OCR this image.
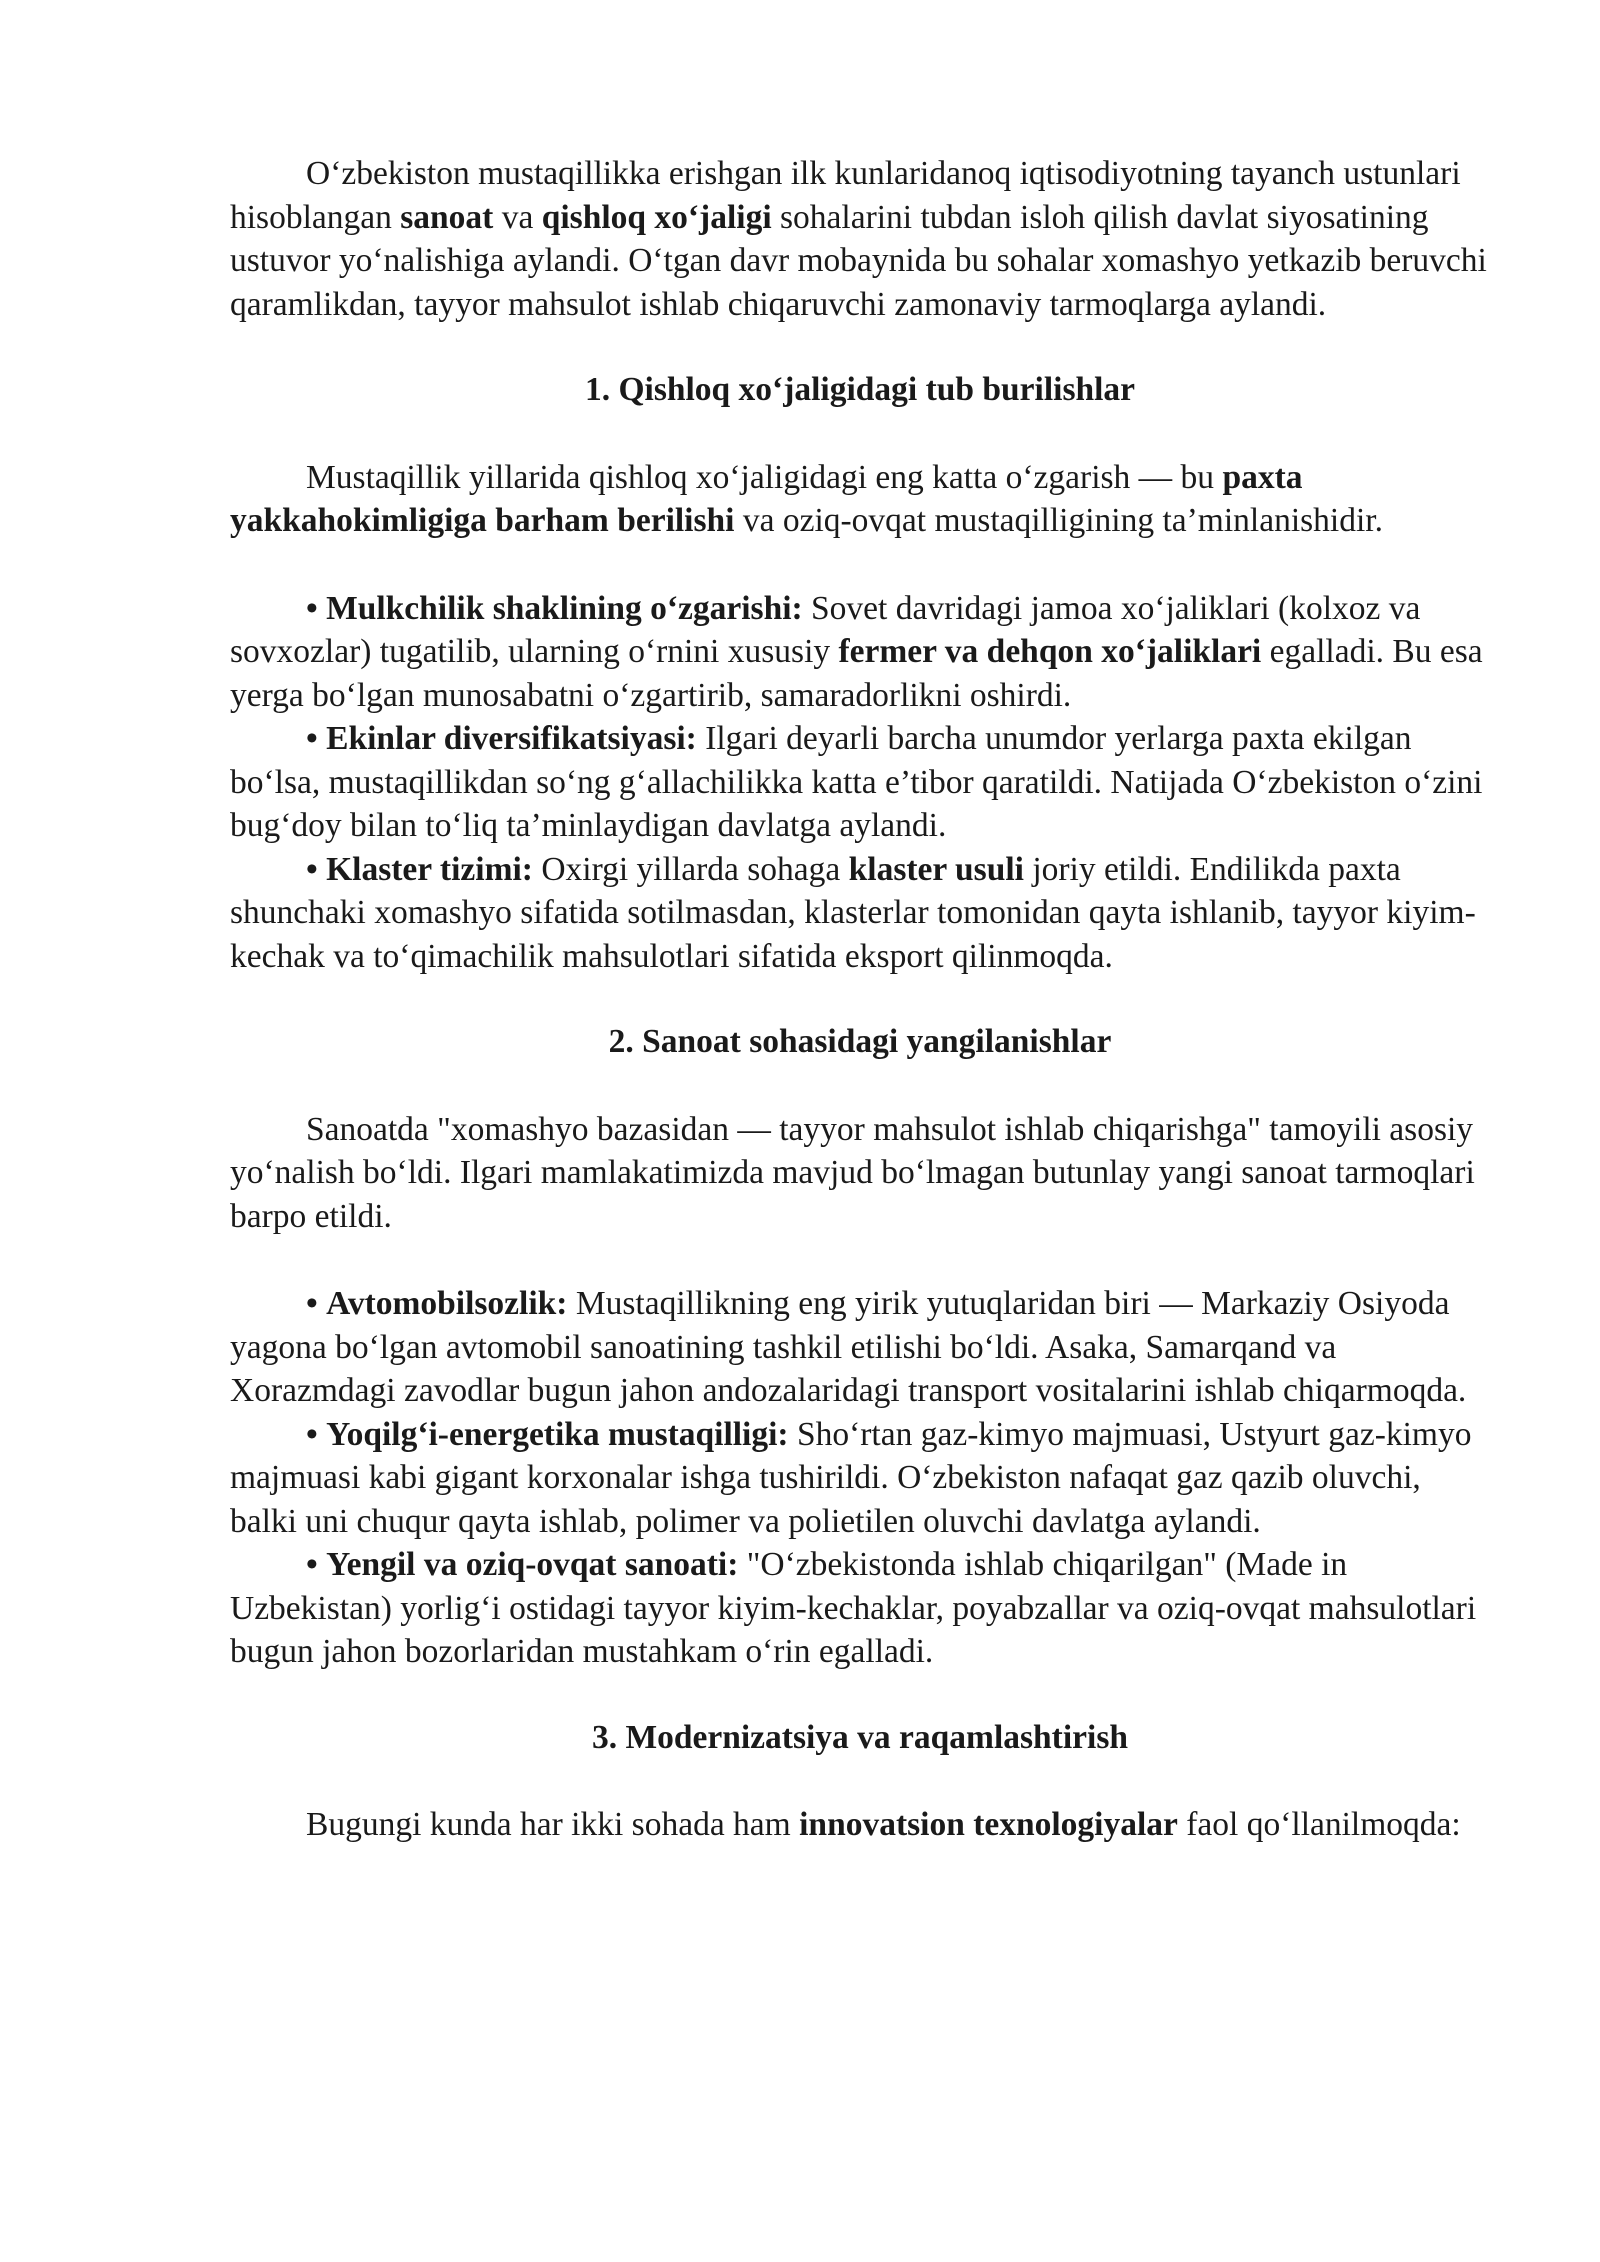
O‘zbekiston mustaqillikka erishgan ilk kunlaridanoq iqtisodiyotning tayanch ustunlari hisoblangan sanoat va qishloq xo‘jaligi sohalarini tubdan isloh qilish davlat siyosatining ustuvor yo‘nalishiga aylandi. O‘tgan davr mobaynida bu sohalar xomashyo yetkazib beruvchi qaramlikdan, tayyor mahsulot ishlab chiqaruvchi zamonaviy tarmoqlarga aylandi.

1. Qishloq xo‘jaligidagi tub burilishlar

Mustaqillik yillarida qishloq xo‘jaligidagi eng katta o‘zgarish — bu paxta yakkahokimligiga barham berilishi va oziq-ovqat mustaqilligining ta’minlanishidir.

• Mulkchilik shaklining o‘zgarishi: Sovet davridagi jamoa xo‘jaliklari (kolxoz va sovxozlar) tugatilib, ularning o‘rnini xususiy fermer va dehqon xo‘jaliklari egalladi. Bu esa yerga bo‘lgan munosabatni o‘zgartirib, samaradorlikni oshirdi.

• Ekinlar diversifikatsiyasi: Ilgari deyarli barcha unumdor yerlarga paxta ekilgan bo‘lsa, mustaqillikdan so‘ng g‘allachilikka katta e’tibor qaratildi. Natijada O‘zbekiston o‘zini bug‘doy bilan to‘liq ta’minlaydigan davlatga aylandi.

• Klaster tizimi: Oxirgi yillarda sohaga klaster usuli joriy etildi. Endilikda paxta shunchaki xomashyo sifatida sotilmasdan, klasterlar tomonidan qayta ishlanib, tayyor kiyim-kechak va to‘qimachilik mahsulotlari sifatida eksport qilinmoqda.

2. Sanoat sohasidagi yangilanishlar

Sanoatda "xomashyo bazasidan — tayyor mahsulot ishlab chiqarishga" tamoyili asosiy yo‘nalish bo‘ldi. Ilgari mamlakatimizda mavjud bo‘lmagan butunlay yangi sanoat tarmoqlari barpo etildi.

• Avtomobilsozlik: Mustaqillikning eng yirik yutuqlaridan biri — Markaziy Osiyoda yagona bo‘lgan avtomobil sanoatining tashkil etilishi bo‘ldi. Asaka, Samarqand va Xorazmdagi zavodlar bugun jahon andozalaridagi transport vositalarini ishlab chiqarmoqda.

• Yoqilg‘i-energetika mustaqilligi: Sho‘rtan gaz-kimyo majmuasi, Ustyurt gaz-kimyo majmuasi kabi gigant korxonalar ishga tushirildi. O‘zbekiston nafaqat gaz qazib oluvchi, balki uni chuqur qayta ishlab, polimer va polietilen oluvchi davlatga aylandi.

• Yengil va oziq-ovqat sanoati: "O‘zbekistonda ishlab chiqarilgan" (Made in Uzbekistan) yorlig‘i ostidagi tayyor kiyim-kechaklar, poyabzallar va oziq-ovqat mahsulotlari bugun jahon bozorlaridan mustahkam o‘rin egalladi.

3. Modernizatsiya va raqamlashtirish

Bugungi kunda har ikki sohada ham innovatsion texnologiyalar faol qo‘llanilmoqda:
